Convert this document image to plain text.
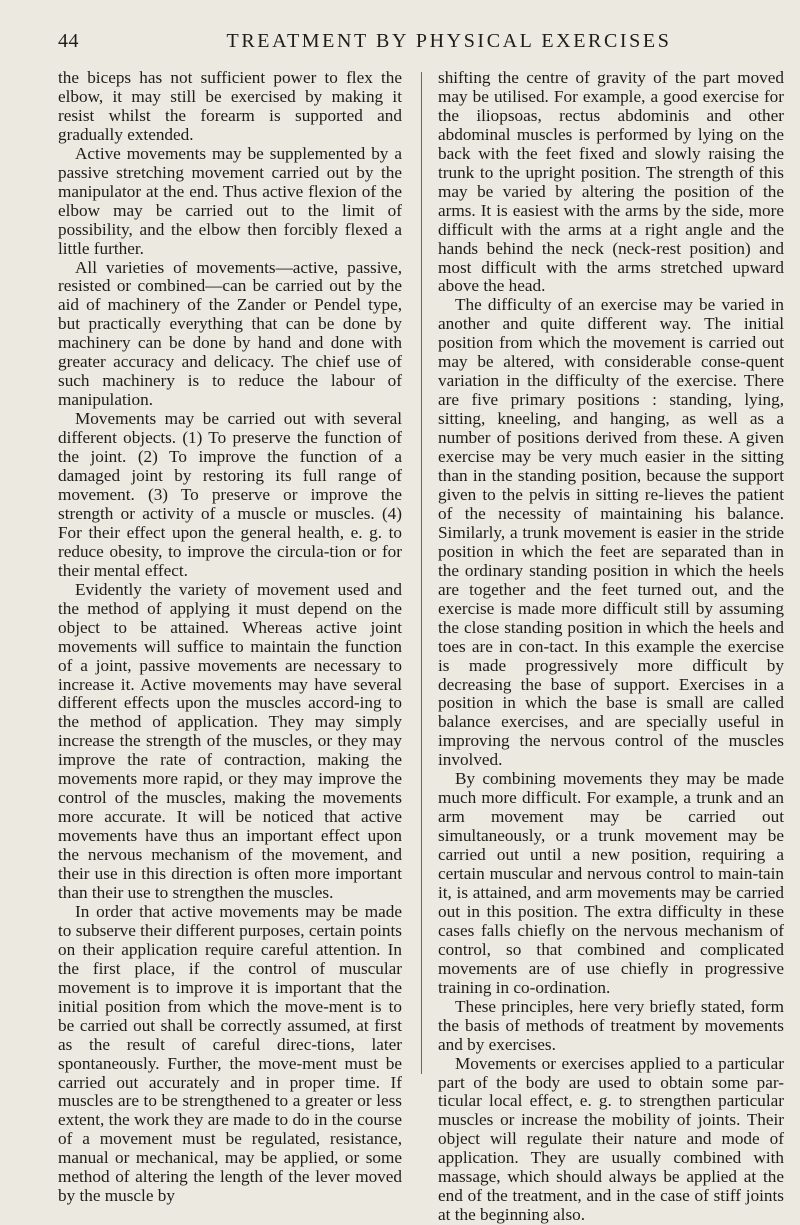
44	TREATMENT BY PHYSICAL EXERCISES

the biceps has not sufficient power to flex the elbow, it may still be exercised by making it resist whilst the forearm is supported and gradually extended.

Active movements may be supplemented by a passive stretching movement carried out by the manipulator at the end. Thus active flexion of the elbow may be carried out to the limit of possibility, and the elbow then forcibly flexed a little further.

All varieties of movements—active, passive, resisted or combined—can be carried out by the aid of machinery of the Zander or Pendel type, but practically everything that can be done by machinery can be done by hand and done with greater accuracy and delicacy. The chief use of such machinery is to reduce the labour of manipulation.

Movements may be carried out with several different objects. (1) To preserve the function of the joint. (2) To improve the function of a damaged joint by restoring its full range of movement. (3) To preserve or improve the strength or activity of a muscle or muscles. (4) For their effect upon the general health, e. g. to reduce obesity, to improve the circula-tion or for their mental effect.

Evidently the variety of movement used and the method of applying it must depend on the object to be attained. Whereas active joint movements will suffice to maintain the function of a joint, passive movements are necessary to increase it. Active movements may have several different effects upon the muscles accord-ing to the method of application. They may simply increase the strength of the muscles, or they may improve the rate of contraction, making the movements more rapid, or they may improve the control of the muscles, making the movements more accurate. It will be noticed that active movements have thus an important effect upon the nervous mechanism of the movement, and their use in this direction is often more important than their use to strengthen the muscles.

In order that active movements may be made to subserve their different purposes, certain points on their application require careful attention. In the first place, if the control of muscular movement is to improve it is important that the initial position from which the move-ment is to be carried out shall be correctly assumed, at first as the result of careful direc-tions, later spontaneously. Further, the move-ment must be carried out accurately and in proper time. If muscles are to be strengthened to a greater or less extent, the work they are made to do in the course of a movement must be regulated, resistance, manual or mechanical, may be applied, or some method of altering the length of the lever moved by the muscle by

shifting the centre of gravity of the part moved may be utilised. For example, a good exercise for the iliopsoas, rectus abdominis and other abdominal muscles is performed by lying on the back with the feet fixed and slowly raising the trunk to the upright position. The strength of this may be varied by altering the position of the arms. It is easiest with the arms by the side, more difficult with the arms at a right angle and the hands behind the neck (neck-rest position) and most difficult with the arms stretched upward above the head.

The difficulty of an exercise may be varied in another and quite different way. The initial position from which the movement is carried out may be altered, with considerable conse-quent variation in the difficulty of the exercise. There are five primary positions : standing, lying, sitting, kneeling, and hanging, as well as a number of positions derived from these. A given exercise may be very much easier in the sitting than in the standing position, because the support given to the pelvis in sitting re-lieves the patient of the necessity of maintaining his balance. Similarly, a trunk movement is easier in the stride position in which the feet are separated than in the ordinary standing position in which the heels are together and the feet turned out, and the exercise is made more difficult still by assuming the close standing position in which the heels and toes are in con-tact. In this example the exercise is made progressively more difficult by decreasing the base of support. Exercises in a position in which the base is small are called balance exercises, and are specially useful in improving the nervous control of the muscles involved.

By combining movements they may be made much more difficult. For example, a trunk and an arm movement may be carried out simultaneously, or a trunk movement may be carried out until a new position, requiring a certain muscular and nervous control to main-tain it, is attained, and arm movements may be carried out in this position. The extra difficulty in these cases falls chiefly on the nervous mechanism of control, so that combined and complicated movements are of use chiefly in progressive training in co-ordination.

These principles, here very briefly stated, form the basis of methods of treatment by movements and by exercises.

Movements or exercises applied to a particular part of the body are used to obtain some par-ticular local effect, e. g. to strengthen particular muscles or increase the mobility of joints. Their object will regulate their nature and mode of application. They are usually combined with massage, which should always be applied at the end of the treatment, and in the case of stiff joints at the beginning also.
